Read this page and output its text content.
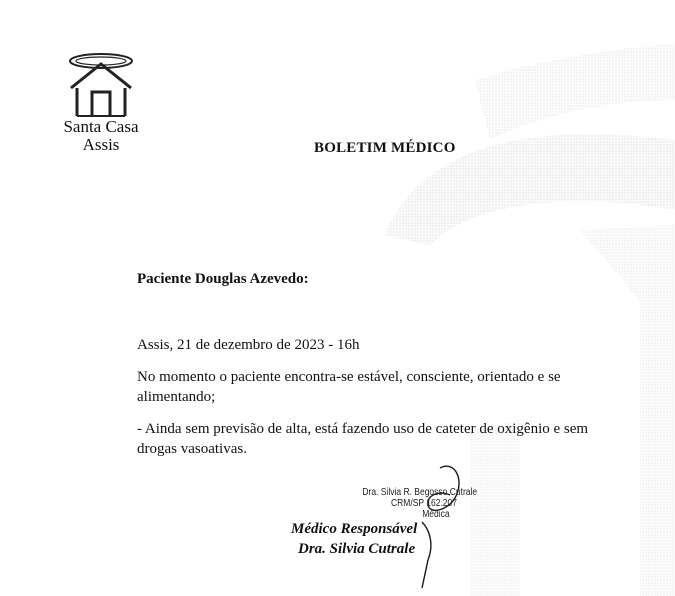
Santa Casa
Assis	BOLETIM MÉDICO
Paciente Douglas Azevedo:
Assis, 21 de dezembro de 2023 - 16h
No momento o paciente encontra-se estável, consciente, orientado e se alimentando;
- Ainda sem previsão de alta, está fazendo uso de cateter de oxigênio e sem drogas vasoativas.
Dra. Silvia R. Begosso Cutrale
CRM/SP 162.207
Médica
Médico Responsável
Dra. Silvia Cutrale
